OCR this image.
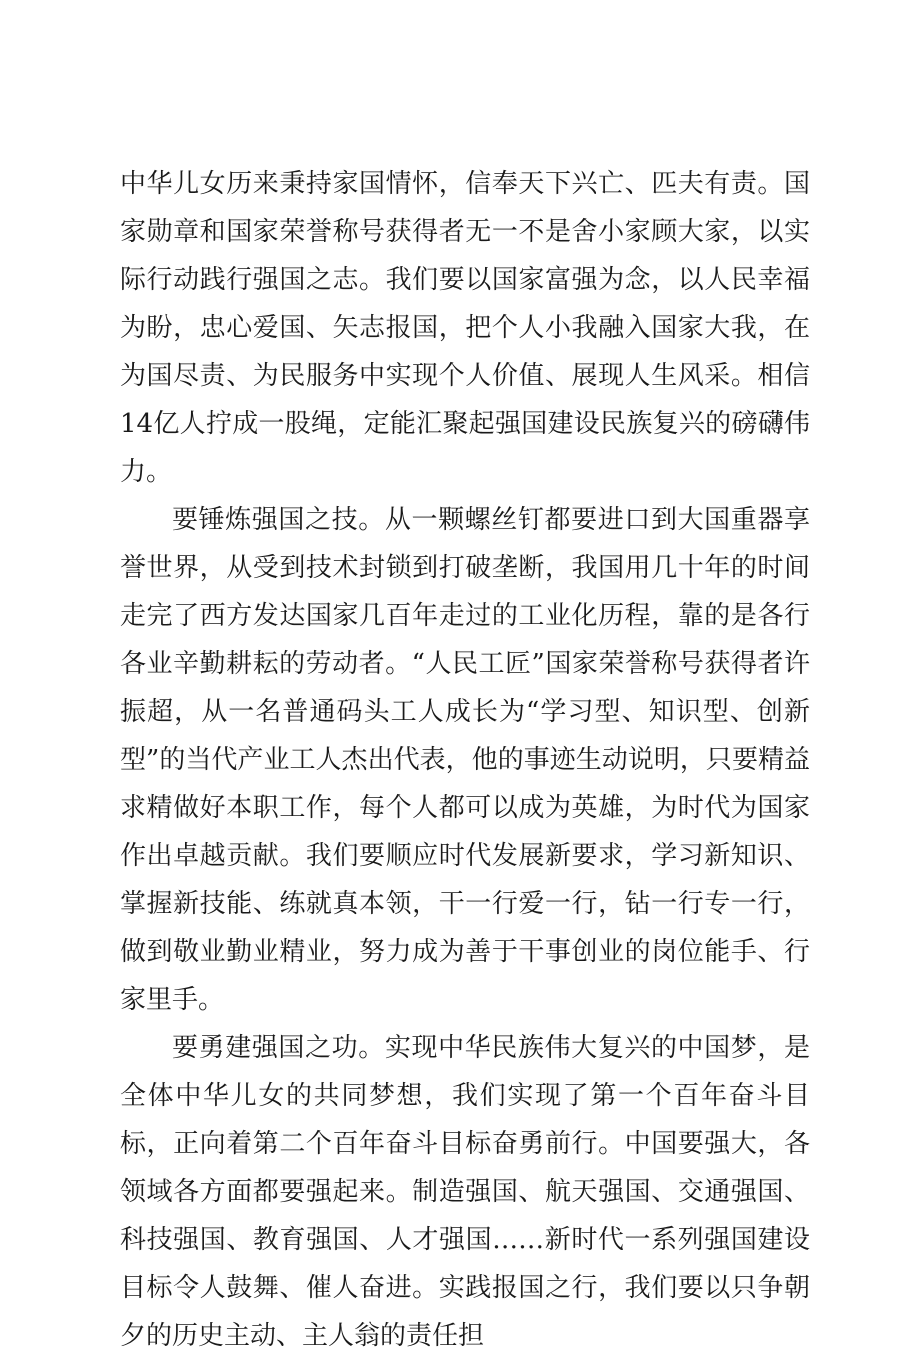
中华儿女历来秉持家国情怀，信奉天下兴亡、匹夫有责。国家勋章和国家荣誉称号获得者无一不是舍小家顾大家，以实际行动践行强国之志。我们要以国家富强为念，以人民幸福为盼，忠心爱国、矢志报国，把个人小我融入国家大我，在为国尽责、为民服务中实现个人价值、展现人生风采。相信14亿人拧成一股绳，定能汇聚起强国建设民族复兴的磅礴伟力。

要锤炼强国之技。从一颗螺丝钉都要进口到大国重器享誉世界，从受到技术封锁到打破垄断，我国用几十年的时间走完了西方发达国家几百年走过的工业化历程，靠的是各行各业辛勤耕耘的劳动者。“人民工匠”国家荣誉称号获得者许振超，从一名普通码头工人成长为“学习型、知识型、创新型”的当代产业工人杰出代表，他的事迹生动说明，只要精益求精做好本职工作，每个人都可以成为英雄，为时代为国家作出卓越贡献。我们要顺应时代发展新要求，学习新知识、掌握新技能、练就真本领，干一行爱一行，钻一行专一行，做到敬业勤业精业，努力成为善于干事创业的岗位能手、行家里手。

要勇建强国之功。实现中华民族伟大复兴的中国梦，是全体中华儿女的共同梦想，我们实现了第一个百年奋斗目标，正向着第二个百年奋斗目标奋勇前行。中国要强大，各领域各方面都要强起来。制造强国、航天强国、交通强国、科技强国、教育强国、人才强国……新时代一系列强国建设目标令人鼓舞、催人奋进。实践报国之行，我们要以只争朝夕的历史主动、主人翁的责任担
